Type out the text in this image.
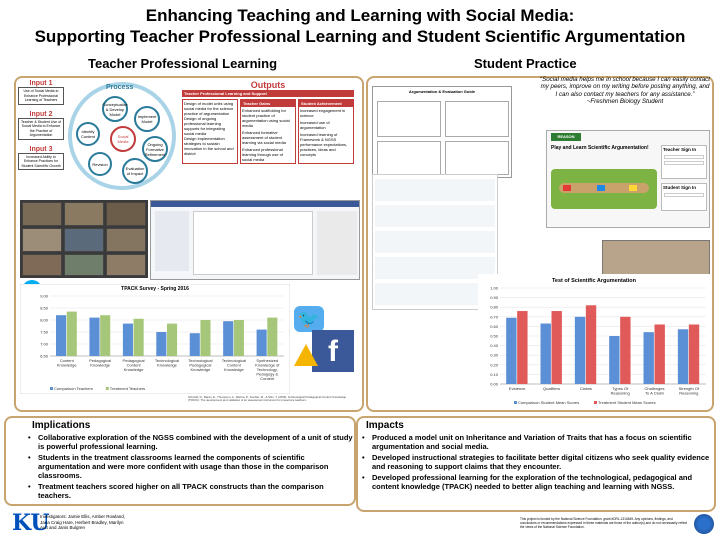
Enhancing Teaching and Learning with Social Media:
Supporting Teacher Professional Learning and Student Scientific Argumentation
Teacher Professional Learning	Student Practice
Input 1
Use of Social Media to Enhance Professional Learning of Teachers
Input 2
Teacher & Student Use of Social Media to Enhance the Practice of Argumentation
Input 3
Increased Ability to Enhance Practices for Student Scientific Growth
Process
Conceptualize & Develop Model	Implement Model
Ongoing Formative Refinement
Evaluation of Impact
Revision
Identify Content	Social Media
Outputs
Teacher Professional Learning and Support
Design of model units using social media for the science practice of argumentation
Design of ongoing professional learning supports for integrating social media
Design implementation strategies to sustain innovation in the school and district
Teacher Gains
Enhanced scaffolding for student practice of argumentation using social media
Enhanced formative assessment of student learning via social media
Enhanced professional learning through use of social media
Student Achievement
Increased engagement in science
Increased use of argumentation
Increased learning of Framework & NGSS performance expectations, practices, ideas and concepts
TPACK Survey - Spring 2016
6.50
7.00
7.50
8.00
8.50
9.00
Content
Knowledge
Pedagogical
Knowledge
Pedagogical
Content
Knowledge
Technological
Knowledge
Technological
Pedagogical
Knowledge
Technological
Content
Knowledge
Synthesized
Knowledge of
Technology,
Pedagogy &
Content
Comparison Teachers	Treatment Teachers
🐦
f
Schmidt, D., Baran, E., Thompson, A., Mishra, P., Koehler, M., & Shin, T. (2009). Technological Pedagogical Content Knowledge (TPACK): The development and validation of an assessment instrument for preservice teachers.
Argumentation & Evaluation Guide
“Social media helps me in school because I can easily contact my peers, improve on my writing before posting anything, and I can also contact my teachers for any assistance.”
~Freshmen Biology Student
REASON
Play and Learn Scientific Argumentation!	Teacher Sign In
Student Sign In
Test of Scientific Argumentation
0.00
0.10
0.20
0.30
0.40
0.50
0.60
0.70
0.80
0.90
1.00
Evidence	Qualifiers	Claims	Types Of
Reasoning
Challenges
To A Claim
Strength Of
Reasoning
Comparison Student Mean Scores	Treatment Student Mean Scores
Implications
• Collaborative exploration of the NGSS combined with the development of a unit of study is powerful professional learning.
• Students in the treatment classrooms learned the components of scientific argumentation and were more confident with usage than those in the comparison classrooms.
• Treatment teachers scored higher on all TPACK constructs than the comparison teachers.
Impacts
• Produced a model unit on Inheritance and Variation of Traits that has a focus on scientific argumentation and social media.
• Developed instructional strategies to facilitate better digital citizens who seek quality evidence and reasoning to support claims that they encounter.
• Developed professional learning for the exploration of the technological, pedagogical and content knowledge (TPACK) needed to better align teaching and learning with NGSS.
KU
Investigators: Jamie Ellis, Amber Rowland, Jana Craig Hare, Herbert Bradley, Marilyn Ault and Janis Bulgren
This project is funded by the National Science Foundation, grant #DRL-1316645. Any opinions, findings, and conclusions or recommendations expressed in these materials are those of the author(s) and do not necessarily reflect the views of the National Science Foundation.
